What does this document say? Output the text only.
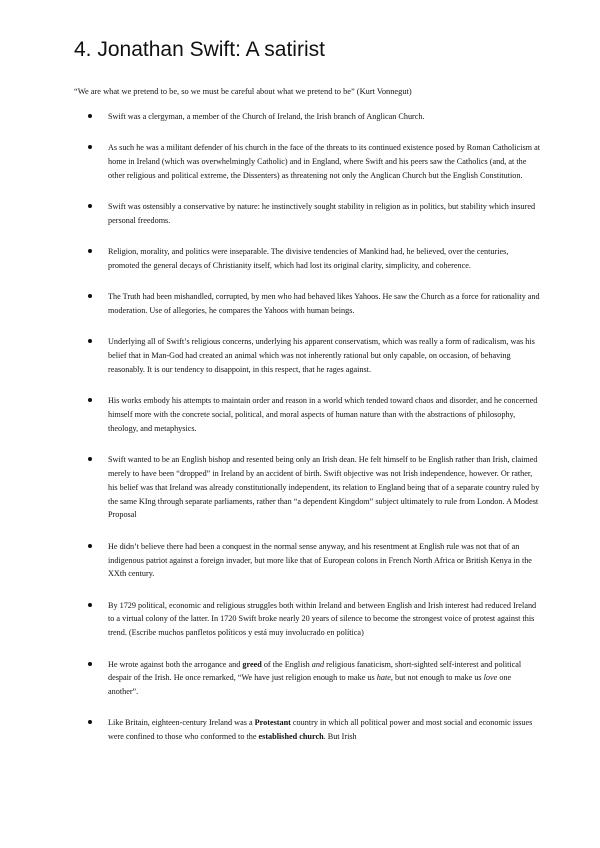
4. Jonathan Swift: A satirist

“We are what we pretend to be, so we must be careful about what we pretend to be” (Kurt Vonnegut)

Swift was a clergyman, a member of the Church of Ireland, the Irish branch of Anglican Church.
As such he was a militant defender of his church in the face of the threats to its continued existence posed by Roman Catholicism at home in Ireland (which was overwhelmingly Catholic) and in England, where Swift and his peers saw the Catholics (and, at the other religious and political extreme, the Dissenters) as threatening not only the Anglican Church but the English Constitution.
Swift was ostensibly a conservative by nature: he instinctively sought stability in religion as in politics, but stability which insured personal freedoms.
Religion, morality, and politics were inseparable. The divisive tendencies of Mankind had, he believed, over the centuries, promoted the general decays of Christianity itself, which had lost its original clarity, simplicity, and coherence.
The Truth had been mishandled, corrupted, by men who had behaved likes Yahoos. He saw the Church as a force for rationality and moderation. Use of allegories, he compares the Yahoos with human beings.
Underlying all of Swift’s religious concerns, underlying his apparent conservatism, which was really a form of radicalism, was his belief that in Man-God had created an animal which was not inherently rational but only capable, on occasion, of behaving reasonably. It is our tendency to disappoint, in this respect, that he rages against.
His works embody his attempts to maintain order and reason in a world which tended toward chaos and disorder, and he concerned himself more with the concrete social, political, and moral aspects of human nature than with the abstractions of philosophy, theology, and metaphysics.
Swift wanted to be an English bishop and resented being only an Irish dean. He felt himself to be English rather than Irish, claimed merely to have been “dropped” in Ireland by an accident of birth. Swift objective was not Irish independence, however. Or rather, his belief was that Ireland was already constitutionally independent, its relation to England being that of a separate country ruled by the same KIng through separate parliaments, rather than “a dependent Kingdom” subject ultimately to rule from London. A Modest Proposal
He didn’t believe there had been a conquest in the normal sense anyway, and his resentment at English rule was not that of an indigenous patriot against a foreign invader, but more like that of European colons in French North Africa or British Kenya in the XXth century.
By 1729 political, economic and religious struggles both within Ireland and between English and Irish interest had reduced Ireland to a virtual colony of the latter. In 1720 Swift broke nearly 20 years of silence to become the strongest voice of protest against this trend. (Escribe muchos panfletos políticos y está muy involucrado en política)
He wrote against both the arrogance and greed of the English and religious fanaticism, short-sighted self-interest and political despair of the Irish. He once remarked, “We have just religion enough to make us hate, but not enough to make us love one another”.
Like Britain, eighteen-century Ireland was a Protestant country in which all political power and most social and economic issues were confined to those who conformed to the established church. But Irish
